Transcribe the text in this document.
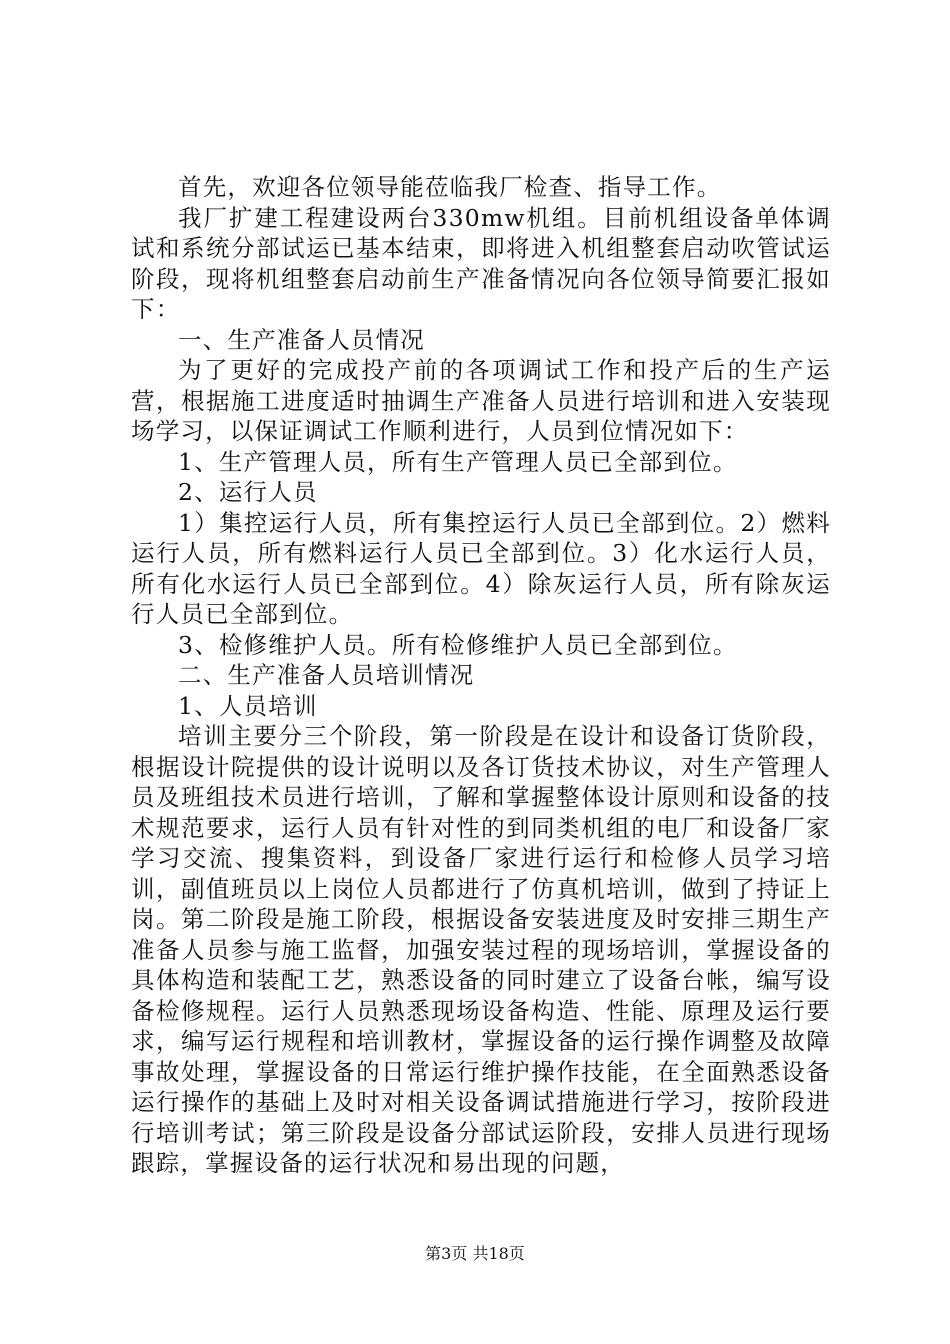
首先，欢迎各位领导能莅临我厂检查、指导工作。

我厂扩建工程建设两台330mw机组。目前机组设备单体调试和系统分部试运已基本结束，即将进入机组整套启动吹管试运阶段，现将机组整套启动前生产准备情况向各位领导简要汇报如下：

一、生产准备人员情况

为了更好的完成投产前的各项调试工作和投产后的生产运营，根据施工进度适时抽调生产准备人员进行培训和进入安装现场学习，以保证调试工作顺利进行，人员到位情况如下：

1、生产管理人员，所有生产管理人员已全部到位。

2、运行人员

1）集控运行人员，所有集控运行人员已全部到位。2）燃料运行人员，所有燃料运行人员已全部到位。3）化水运行人员，所有化水运行人员已全部到位。4）除灰运行人员，所有除灰运行人员已全部到位。

3、检修维护人员。所有检修维护人员已全部到位。

二、生产准备人员培训情况

1、人员培训

培训主要分三个阶段，第一阶段是在设计和设备订货阶段，根据设计院提供的设计说明以及各订货技术协议，对生产管理人员及班组技术员进行培训，了解和掌握整体设计原则和设备的技术规范要求，运行人员有针对性的到同类机组的电厂和设备厂家学习交流、搜集资料，到设备厂家进行运行和检修人员学习培训，副值班员以上岗位人员都进行了仿真机培训，做到了持证上岗。第二阶段是施工阶段，根据设备安装进度及时安排三期生产准备人员参与施工监督，加强安装过程的现场培训，掌握设备的具体构造和装配工艺，熟悉设备的同时建立了设备台帐，编写设备检修规程。运行人员熟悉现场设备构造、性能、原理及运行要求，编写运行规程和培训教材，掌握设备的运行操作调整及故障事故处理，掌握设备的日常运行维护操作技能，在全面熟悉设备运行操作的基础上及时对相关设备调试措施进行学习，按阶段进行培训考试；第三阶段是设备分部试运阶段，安排人员进行现场跟踪，掌握设备的运行状况和易出现的问题，

第3页 共18页
